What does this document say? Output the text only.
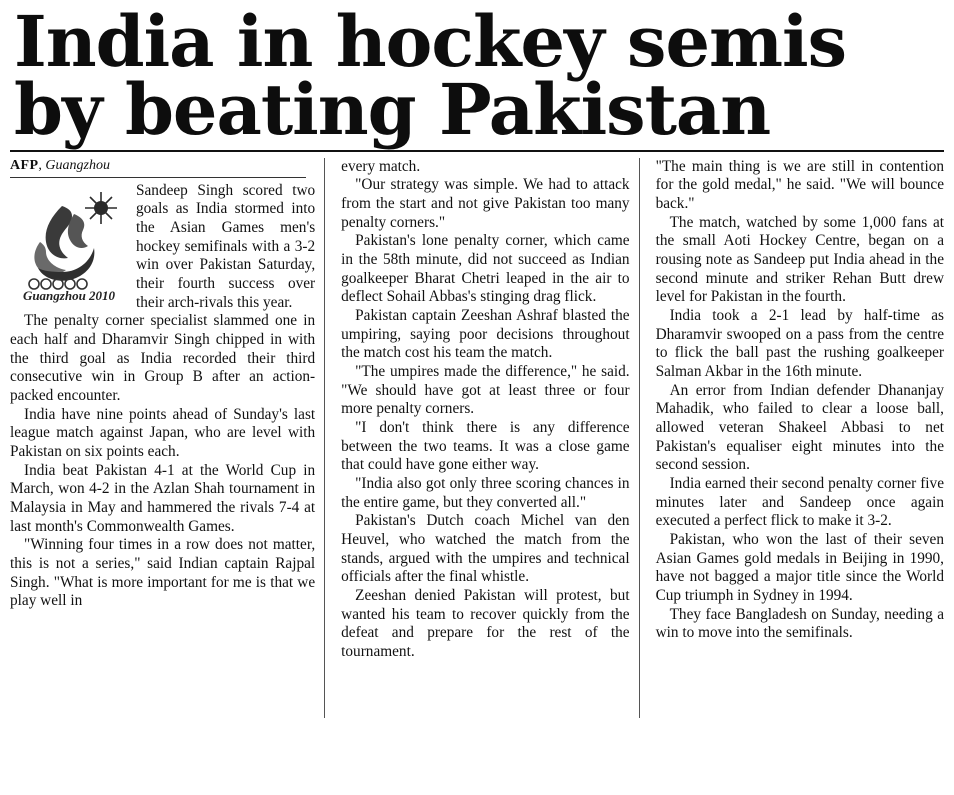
India in hockey semis
by beating Pakistan
AFP, Guangzhou
Guangzhou 2010

Sandeep Singh scored two goals as India stormed into the Asian Games men's hockey semifinals with a 3-2 win over Pakistan Saturday, their fourth success over their arch-rivals this year.

The penalty corner specialist slammed one in each half and Dharamvir Singh chipped in with the third goal as India recorded their third consecutive win in Group B after an action-packed encounter.

India have nine points ahead of Sunday's last league match against Japan, who are level with Pakistan on six points each.

India beat Pakistan 4-1 at the World Cup in March, won 4-2 in the Azlan Shah tournament in Malaysia in May and hammered the rivals 7-4 at last month's Commonwealth Games.

"Winning four times in a row does not matter, this is not a series," said Indian captain Rajpal Singh. "What is more important for me is that we play well in

every match.

"Our strategy was simple. We had to attack from the start and not give Pakistan too many penalty corners."

Pakistan's lone penalty corner, which came in the 58th minute, did not succeed as Indian goalkeeper Bharat Chetri leaped in the air to deflect Sohail Abbas's stinging drag flick.

Pakistan captain Zeeshan Ashraf blasted the umpiring, saying poor decisions throughout the match cost his team the match.

"The umpires made the difference," he said. "We should have got at least three or four more penalty corners.

"I don't think there is any difference between the two teams. It was a close game that could have gone either way.

"India also got only three scoring chances in the entire game, but they converted all."

Pakistan's Dutch coach Michel van den Heuvel, who watched the match from the stands, argued with the umpires and technical officials after the final whistle.

Zeeshan denied Pakistan will protest, but wanted his team to recover quickly from the defeat and prepare for the rest of the tournament.

"The main thing is we are still in contention for the gold medal," he said. "We will bounce back."

The match, watched by some 1,000 fans at the small Aoti Hockey Centre, began on a rousing note as Sandeep put India ahead in the second minute and striker Rehan Butt drew level for Pakistan in the fourth.

India took a 2-1 lead by half-time as Dharamvir swooped on a pass from the centre to flick the ball past the rushing goalkeeper Salman Akbar in the 16th minute.

An error from Indian defender Dhananjay Mahadik, who failed to clear a loose ball, allowed veteran Shakeel Abbasi to net Pakistan's equaliser eight minutes into the second session.

India earned their second penalty corner five minutes later and Sandeep once again executed a perfect flick to make it 3-2.

Pakistan, who won the last of their seven Asian Games gold medals in Beijing in 1990, have not bagged a major title since the World Cup triumph in Sydney in 1994.

They face Bangladesh on Sunday, needing a win to move into the semifinals.
